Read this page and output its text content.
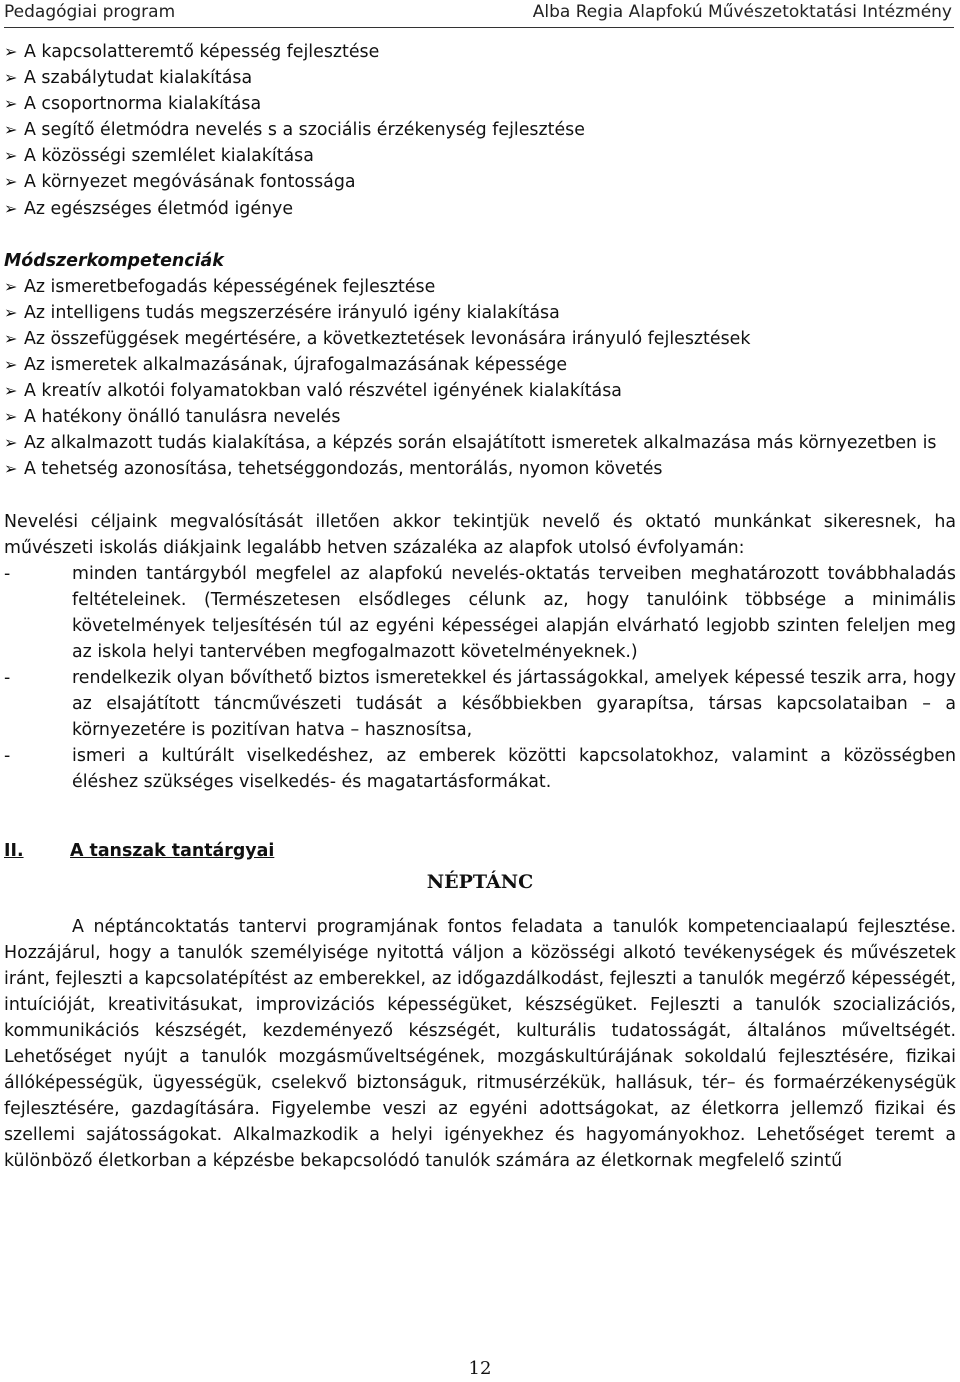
Pedagógiai program	Alba Regia Alapfokú Művészetoktatási Intézmény
➢ A kapcsolatteremtő képesség fejlesztése
➢ A szabálytudat kialakítása
➢ A csoportnorma kialakítása
➢ A segítő életmódra nevelés s a szociális érzékenység fejlesztése
➢ A közösségi szemlélet kialakítása
➢ A környezet megóvásának fontossága
➢ Az egészséges életmód igénye
Módszerkompetenciák
➢ Az ismeretbefogadás képességének fejlesztése
➢ Az intelligens tudás megszerzésére irányuló igény kialakítása
➢ Az összefüggések megértésére, a következtetések levonására irányuló fejlesztések
➢ Az ismeretek alkalmazásának, újrafogalmazásának képessége
➢ A kreatív alkotói folyamatokban való részvétel igényének kialakítása
➢ A hatékony önálló tanulásra nevelés
➢ Az alkalmazott tudás kialakítása, a képzés során elsajátított ismeretek alkalmazása más környezetben is
➢ A tehetség azonosítása, tehetséggondozás, mentorálás, nyomon követés

Nevelési céljaink megvalósítását illetően akkor tekintjük nevelő és oktató munkánkat sikeresnek, ha művészeti iskolás diákjaink legalább hetven százaléka az alapfok utolsó évfolyamán:

-	minden tantárgyból megfelel az alapfokú nevelés-oktatás terveiben meghatározott továbbhaladás feltételeinek. (Természetesen elsődleges célunk az, hogy tanulóink többsége a minimális követelmények teljesítésén túl az egyéni képességei alapján elvárható legjobb szinten feleljen meg az iskola helyi tantervében megfogalmazott követelményeknek.)
-	rendelkezik olyan bővíthető biztos ismeretekkel és jártasságokkal, amelyek képessé teszik arra, hogy az elsajátított táncművészeti tudását a későbbiekben gyarapítsa, társas kapcsolataiban – a környezetére is pozitívan hatva – hasznosítsa,
-	ismeri a kultúrált viselkedéshez, az emberek közötti kapcsolatokhoz, valamint a közösségben éléshez szükséges viselkedés- és magatartásformákat.
II.	A tanszak tantárgyai
NÉPTÁNC

A néptáncoktatás tantervi programjának fontos feladata a tanulók kompetenciaalapú fejlesztése. Hozzájárul, hogy a tanulók személyisége nyitottá váljon a közösségi alkotó tevékenységek és művészetek iránt, fejleszti a kapcsolatépítést az emberekkel, az időgazdálkodást, fejleszti a tanulók megérző képességét, intuícióját, kreativitásukat, improvizációs képességüket, készségüket. Fejleszti a tanulók szocializációs, kommunikációs készségét, kezdeményező készségét, kulturális tudatosságát, általános műveltségét. Lehetőséget nyújt a tanulók mozgásműveltségének, mozgáskultúrájának sokoldalú fejlesztésére, fizikai állóképességük, ügyességük, cselekvő biztonságuk, ritmusérzékük, hallásuk, tér– és formaérzékenységük fejlesztésére, gazdagítására. Figyelembe veszi az egyéni adottságokat, az életkorra jellemző fizikai és szellemi sajátosságokat. Alkalmazkodik a helyi igényekhez és hagyományokhoz. Lehetőséget teremt a különböző életkorban a képzésbe bekapcsolódó tanulók számára az életkornak megfelelő szintű

12
